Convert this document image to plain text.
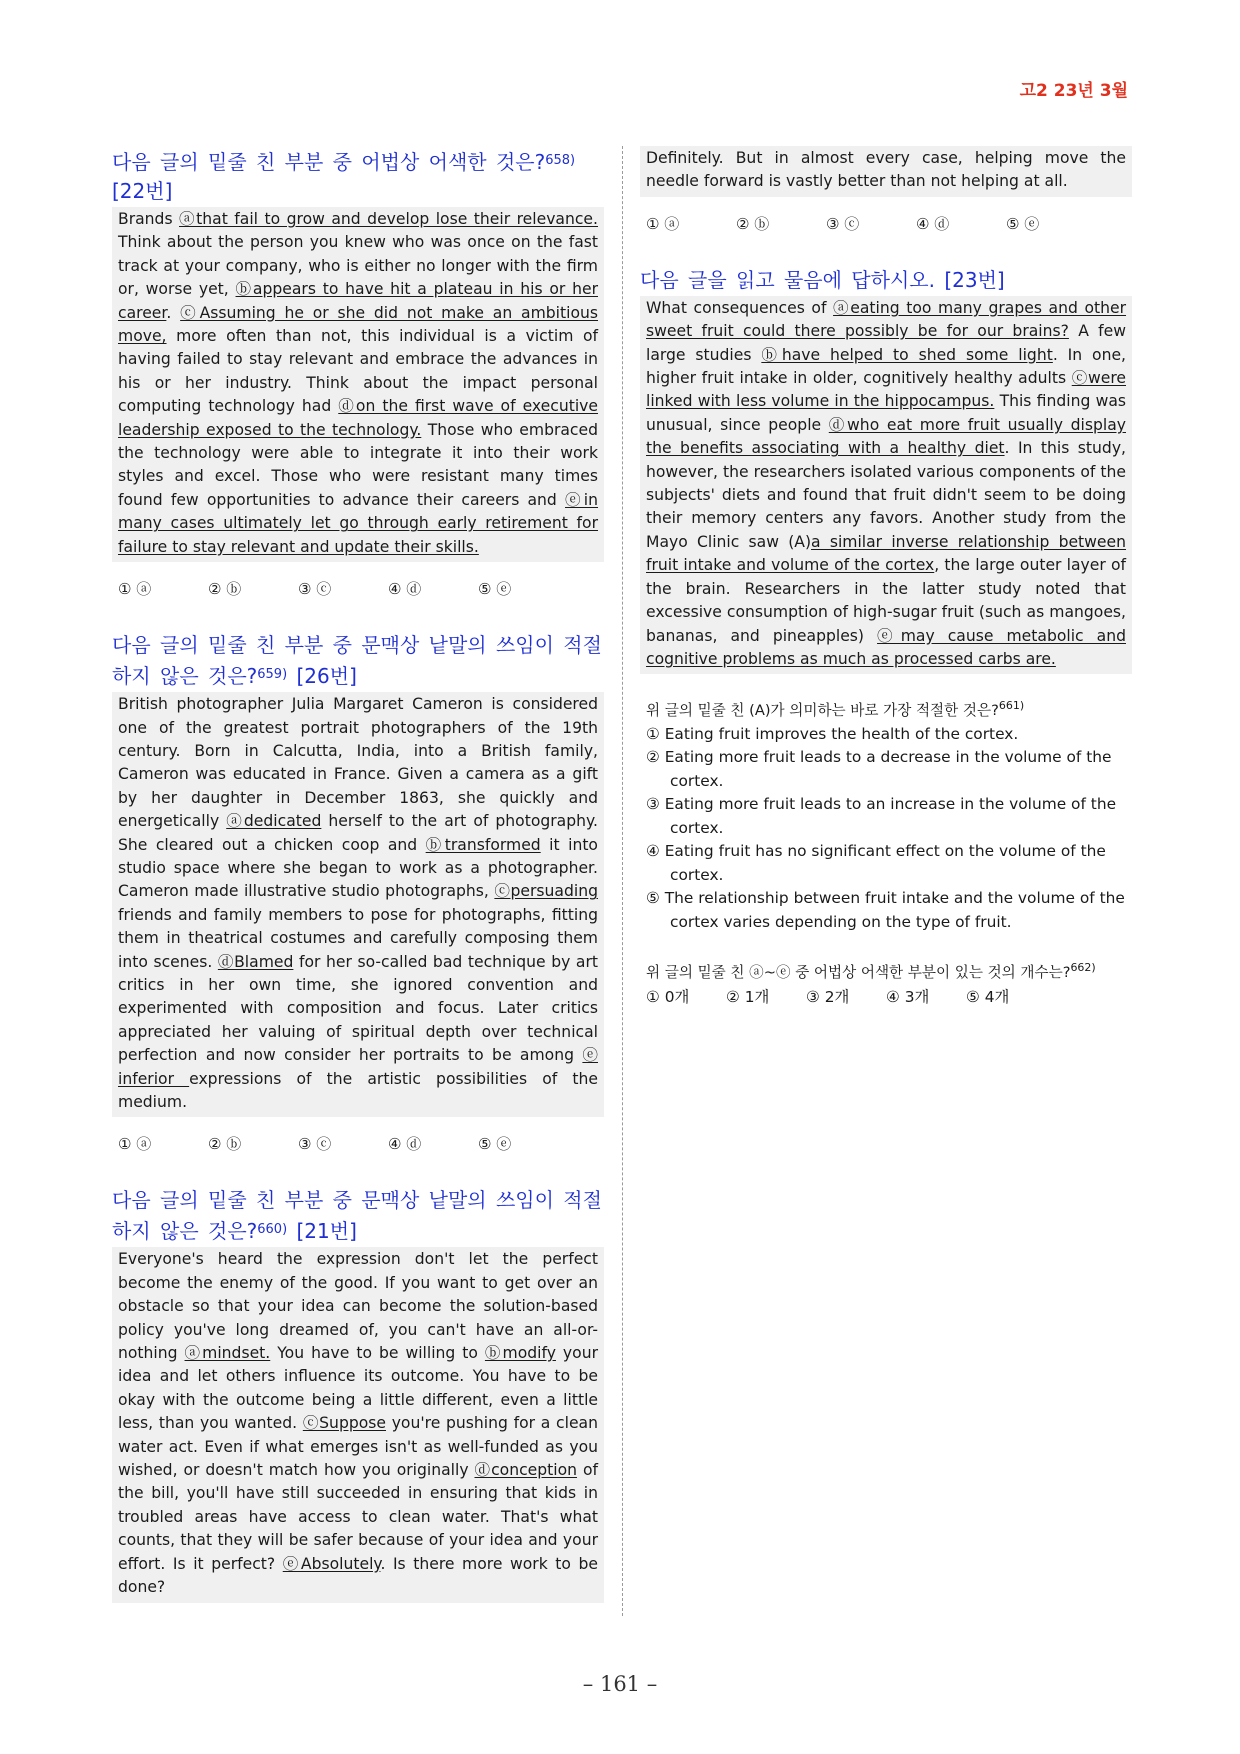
고2 23년 3월

다음 글의 밑줄 친 부분 중 어법상 어색한 것은?$^{658)}$
[22번]

Brands ⓐthat fail to grow and develop lose their relevance. Think about the person you knew who was once on the fast track at your company, who is either no longer with the firm or, worse yet, ⓑappears to have hit a plateau in his or her career. ⓒAssuming he or she did not make an ambitious move, more often than not, this individual is a victim of having failed to stay relevant and embrace the advances in his or her industry. Think about the impact personal computing technology had ⓓon the first wave of executive leadership exposed to the technology. Those who embraced the technology were able to integrate it into their work styles and excel. Those who were resistant many times found few opportunities to advance their careers and ⓔin many cases ultimately let go through early retirement for failure to stay relevant and update their skills.
① ⓐ	② ⓑ	③ ⓒ	④ ⓓ	⑤ ⓔ

다음 글의 밑줄 친 부분 중 문맥상 낱말의 쓰임이 적절하지 않은 것은?$^{659)}$ [26번]

British photographer Julia Margaret Cameron is considered one of the greatest portrait photographers of the 19th century. Born in Calcutta, India, into a British family, Cameron was educated in France. Given a camera as a gift by her daughter in December 1863, she quickly and energetically ⓐdedicated herself to the art of photography. She cleared out a chicken coop and ⓑtransformed it into studio space where she began to work as a photographer. Cameron made illustrative studio photographs, ⓒpersuading friends and family members to pose for photographs, fitting them in theatrical costumes and carefully composing them into scenes. ⓓBlamed for her so-called bad technique by art critics in her own time, she ignored convention and experimented with composition and focus. Later critics appreciated her valuing of spiritual depth over technical perfection and now consider her portraits to be among ⓔ inferior expressions of the artistic possibilities of the medium.
① ⓐ	② ⓑ	③ ⓒ	④ ⓓ	⑤ ⓔ

다음 글의 밑줄 친 부분 중 문맥상 낱말의 쓰임이 적절하지 않은 것은?$^{660)}$ [21번]

Everyone's heard the expression don't let the perfect become the enemy of the good. If you want to get over an obstacle so that your idea can become the solution-based policy you've long dreamed of, you can't have an all-or-nothing ⓐmindset. You have to be willing to ⓑmodify your idea and let others influence its outcome. You have to be okay with the outcome being a little different, even a little less, than you wanted. ⓒSuppose you're pushing for a clean water act. Even if what emerges isn't as well-funded as you wished, or doesn't match how you originally ⓓconception of the bill, you'll have still succeeded in ensuring that kids in troubled areas have access to clean water. That's what counts, that they will be safer because of your idea and your effort. Is it perfect? ⓔAbsolutely. Is there more work to be done?
Definitely. But in almost every case, helping move the needle forward is vastly better than not helping at all.
① ⓐ	② ⓑ	③ ⓒ	④ ⓓ	⑤ ⓔ

다음 글을 읽고 물음에 답하시오. [23번]

What consequences of ⓐeating too many grapes and other sweet fruit could there possibly be for our brains? A few large studies ⓑhave helped to shed some light. In one, higher fruit intake in older, cognitively healthy adults ⓒwere linked with less volume in the hippocampus. This finding was unusual, since people ⓓwho eat more fruit usually display the benefits associating with a healthy diet. In this study, however, the researchers isolated various components of the subjects' diets and found that fruit didn't seem to be doing their memory centers any favors. Another study from the Mayo Clinic saw (A)a similar inverse relationship between fruit intake and volume of the cortex, the large outer layer of the brain. Researchers in the latter study noted that excessive consumption of high-sugar fruit (such as mangoes, bananas, and pineapples) ⓔmay cause metabolic and cognitive problems as much as processed carbs are.

위 글의 밑줄 친 (A)가 의미하는 바로 가장 적절한 것은?$^{661)}$

① Eating fruit improves the health of the cortex.
② Eating more fruit leads to a decrease in the volume of the cortex.
③ Eating more fruit leads to an increase in the volume of the cortex.
④ Eating fruit has no significant effect on the volume of the cortex.
⑤ The relationship between fruit intake and the volume of the cortex varies depending on the type of fruit.

위 글의 밑줄 친 ⓐ~ⓔ 중 어법상 어색한 부분이 있는 것의 개수는?$^{662)}$

① 0개 ② 1개 ③ 2개 ④ 3개 ⑤ 4개
– 161 –
